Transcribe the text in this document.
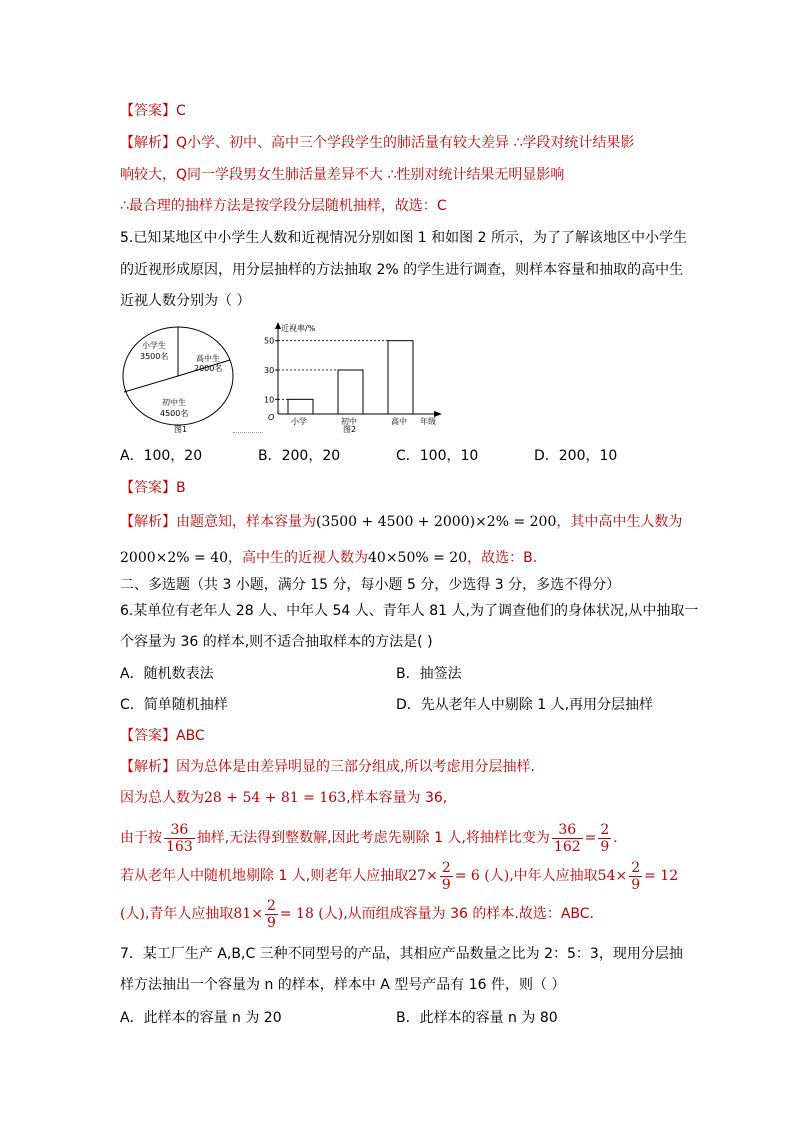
【答案】C
【解析】Q小学、初中、高中三个学段学生的肺活量有较大差异 ∴学段对统计结果影
响较大，Q同一学段男女生肺活量差异不大 ∴性别对统计结果无明显影响
∴最合理的抽样方法是按学段分层随机抽样，故选：C
5.已知某地区中小学生人数和近视情况分别如图 1 和如图 2 所示，为了了解该地区中小学生
的近视形成原因，用分层抽样的方法抽取 2% 的学生进行调查，则样本容量和抽取的高中生
近视人数分别为（ ）
小学生
3500名	高中生
2000名
初中生
4500名
图1
近视率/%
年级
O
10
30
50
小学	初中	高中
图2
A．100，20	B．200，20	C．100，10	D．200，10
【答案】B
【解析】由题意知，样本容量为(3500 + 4500 + 2000)×2% = 200，其中高中生人数为
2000×2% = 40，高中生的近视人数为40×50% = 20，故选：B.
二、多选题（共 3 小题，满分 15 分，每小题 5 分，少选得 3 分，多选不得分）
6.某单位有老年人 28 人、中年人 54 人、青年人 81 人,为了调查他们的身体状况,从中抽取一
个容量为 36 的样本,则不适合抽取样本的方法是( )
A．随机数表法	B．抽签法
C．简单随机抽样	D．先从老年人中剔除 1 人,再用分层抽样
【答案】ABC
【解析】因为总体是由差异明显的三部分组成,所以考虑用分层抽样.
因为总人数为28 + 54 + 81 = 163,样本容量为 36,
由于按 $\frac{36}{163}$ 抽样,无法得到整数解,因此考虑先剔除 1 人,将抽样比变为 $\frac{36}{162} = \frac{2}{9}$ .
若从老年人中随机地剔除 1 人,则老年人应抽取$27\times \frac{2}{9} = 6$ (人),中年人应抽取$54\times \frac{2}{9} = 12$
(人),青年人应抽取$81\times \frac{2}{9} = 18$ (人),从而组成容量为 36 的样本.故选：ABC.
7．某工厂生产 A,B,C 三种不同型号的产品，其相应产品数量之比为 2：5：3，现用分层抽
样方法抽出一个容量为 n 的样本，样本中 A 型号产品有 16 件，则（ ）
A．此样本的容量 n 为 20	B．此样本的容量 n 为 80
